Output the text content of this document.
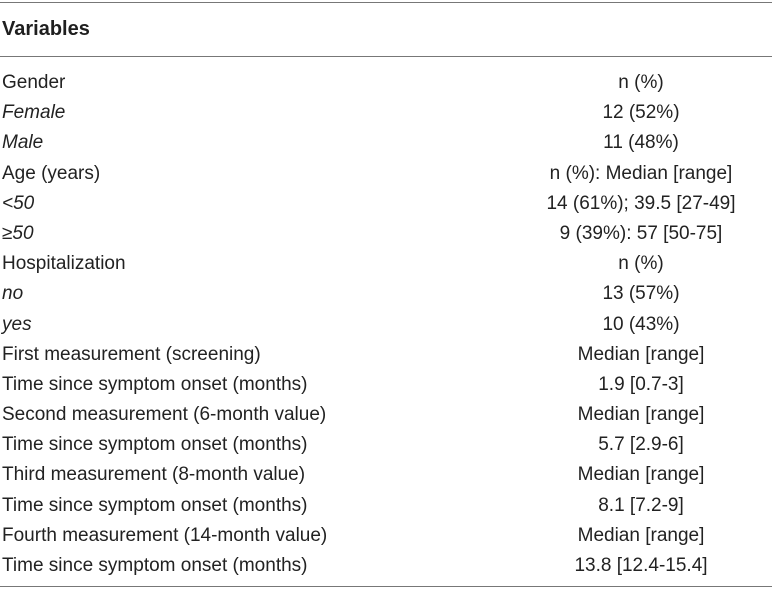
Variables
Gender	n (%)
Female	12 (52%)
Male	11 (48%)
Age (years)	n (%): Median [range]
<50	14 (61%); 39.5 [27-49]
≥50	9 (39%): 57 [50-75]
Hospitalization	n (%)
no	13 (57%)
yes	10 (43%)
First measurement (screening)	Median [range]
Time since symptom onset (months)	1.9 [0.7-3]
Second measurement (6-month value)	Median [range]
Time since symptom onset (months)	5.7 [2.9-6]
Third measurement (8-month value)	Median [range]
Time since symptom onset (months)	8.1 [7.2-9]
Fourth measurement (14-month value)	Median [range]
Time since symptom onset (months)	13.8 [12.4-15.4]
